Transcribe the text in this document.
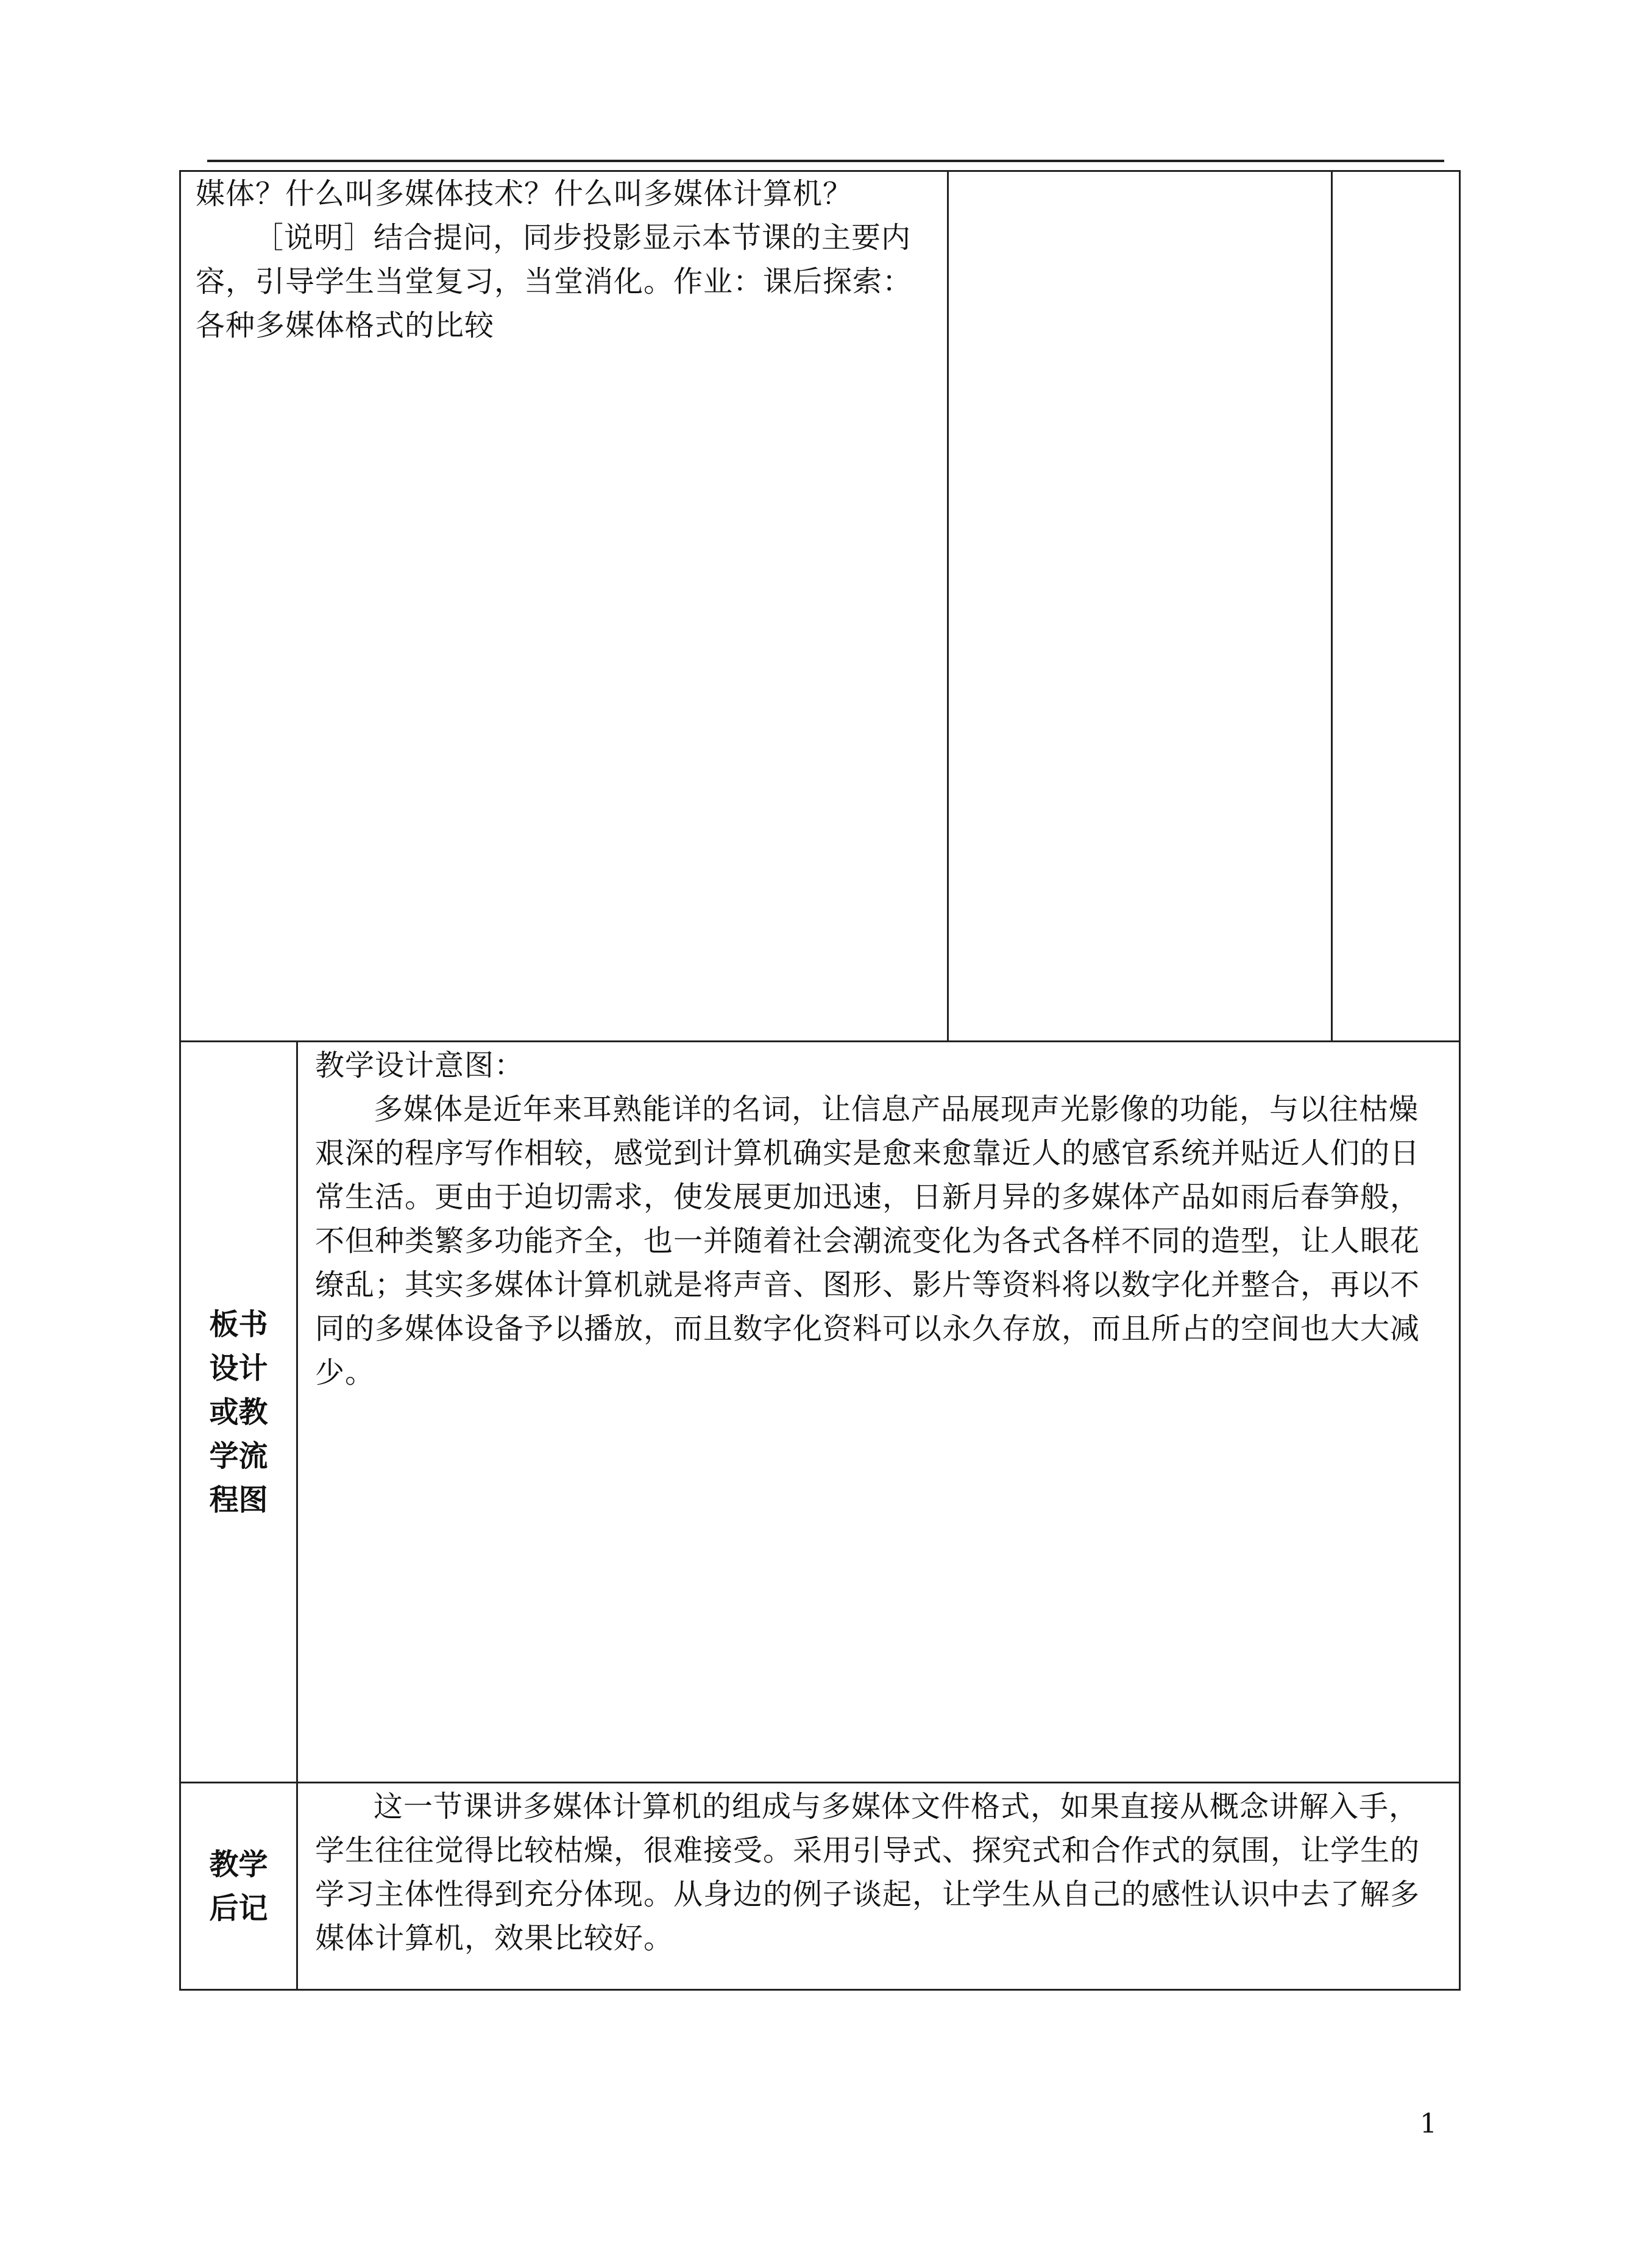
媒体？什么叫多媒体技术？什么叫多媒体计算机？
［说明］结合提问，同步投影显示本节课的主要内容，引导学生当堂复习，当堂消化。作业：课后探索：各种多媒体格式的比较			

板书设计或教学流程图	教学设计意图：
多媒体是近年来耳熟能详的名词，让信息产品展现声光影像的功能，与以往枯燥艰深的程序写作相较，感觉到计算机确实是愈来愈靠近人的感官系统并贴近人们的日常生活。更由于迫切需求，使发展更加迅速，日新月异的多媒体产品如雨后春笋般，不但种类繁多功能齐全，也一并随着社会潮流变化为各式各样不同的造型，让人眼花缭乱；其实多媒体计算机就是将声音、图形、影片等资料将以数字化并整合，再以不同的多媒体设备予以播放，而且数字化资料可以永久存放，而且所占的空间也大大减少。		

教学后记	这一节课讲多媒体计算机的组成与多媒体文件格式，如果直接从概念讲解入手，学生往往觉得比较枯燥，很难接受。采用引导式、探究式和合作式的氛围，让学生的学习主体性得到充分体现。从身边的例子谈起，让学生从自己的感性认识中去了解多媒体计算机，效果比较好。		
1
